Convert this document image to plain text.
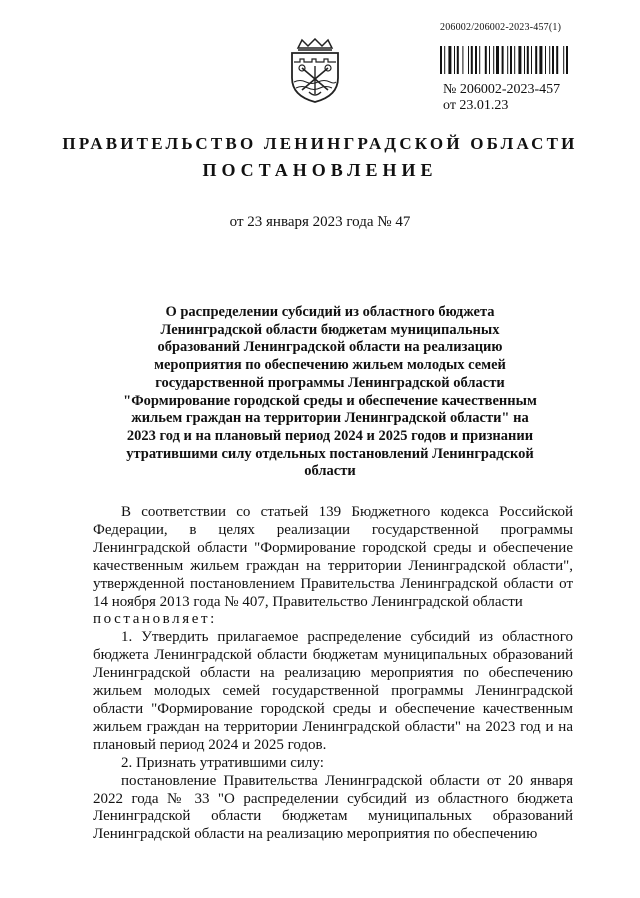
206002/206002-2023-457(1)
№ 206002-2023-457
от 23.01.23
ПРАВИТЕЛЬСТВО ЛЕНИНГРАДСКОЙ ОБЛАСТИ
ПОСТАНОВЛЕНИЕ
от 23 января 2023 года № 47
О распределении субсидий из областного бюджета Ленинградской области бюджетам муниципальных образований Ленинградской области на реализацию мероприятия по обеспечению жильем молодых семей государственной программы Ленинградской области "Формирование городской среды и обеспечение качественным жильем граждан на территории Ленинградской области" на 2023 год и на плановый период 2024 и 2025 годов и признании утратившими силу отдельных постановлений Ленинградской области

В соответствии со статьей 139 Бюджетного кодекса Российской Федерации, в целях реализации государственной программы Ленинградской области "Формирование городской среды и обеспечение качественным жильем граждан на территории Ленинградской области", утвержденной постановлением Правительства Ленинградской области от 14 ноября 2013 года № 407, Правительство Ленинградской области

постановляет:

1. Утвердить прилагаемое распределение субсидий из областного бюджета Ленинградской области бюджетам муниципальных образований Ленинградской области на реализацию мероприятия по обеспечению жильем молодых семей государственной программы Ленинградской области "Формирование городской среды и обеспечение качественным жильем граждан на территории Ленинградской области" на 2023 год и на плановый период 2024 и 2025 годов.

2. Признать утратившими силу:

постановление Правительства Ленинградской области от 20 января 2022 года № 33 "О распределении субсидий из областного бюджета Ленинградской области бюджетам муниципальных образований Ленинградской области на реализацию мероприятия по обеспечению
